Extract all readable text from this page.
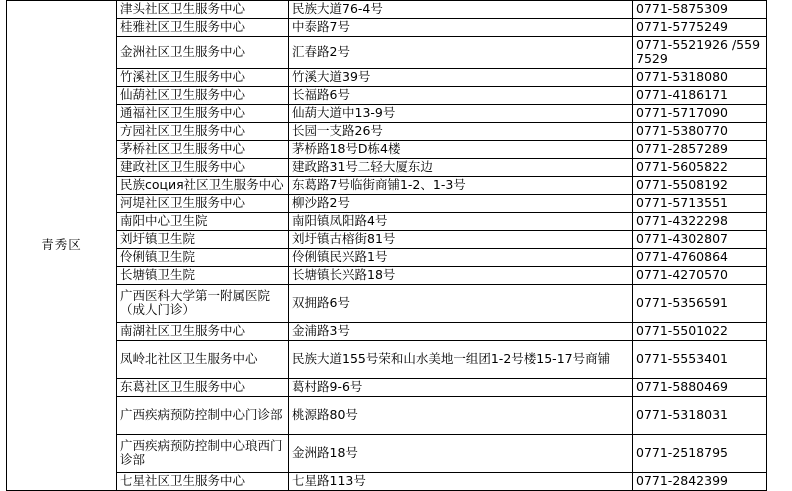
青秀区	津头社区卫生服务中心	民族大道76-4号	0771-5875309
	桂雅社区卫生服务中心	中泰路7号	0771-5775249
	金洲社区卫生服务中心	汇春路2号	0771-5521926 /5597529
	竹溪社区卫生服务中心	竹溪大道39号	0771-5318080
	仙葫社区卫生服务中心	长福路6号	0771-4186171
	通福社区卫生服务中心	仙葫大道中13-9号	0771-5717090
	方园社区卫生服务中心	长园一支路26号	0771-5380770
	茅桥社区卫生服务中心	茅桥路18号D栋4楼	0771-2857289
	建政社区卫生服务中心	建政路31号二轻大厦东边	0771-5605822
	民族соция社区卫生服务中心	东葛路7号临街商铺1-2、1-3号	0771-5508192
	河堤社区卫生服务中心	柳沙路2号	0771-5713551
	南阳中心卫生院	南阳镇凤阳路4号	0771-4322298
	刘圩镇卫生院	刘圩镇古榕街81号	0771-4302807
	伶俐镇卫生院	伶俐镇民兴路1号	0771-4760864
	长塘镇卫生院	长塘镇长兴路18号	0771-4270570
	广西医科大学第一附属医院（成人门诊）	双拥路6号	0771-5356591
	南湖社区卫生服务中心	金浦路3号	0771-5501022
	凤岭北社区卫生服务中心	民族大道155号荣和山水美地一组团1-2号楼15-17号商铺	0771-5553401
	东葛社区卫生服务中心	葛村路9-6号	0771-5880469
	广西疾病预防控制中心门诊部	桃源路80号	0771-5318031
	广西疾病预防控制中心琅西门诊部	金洲路18号	0771-2518795
	七星社区卫生服务中心	七星路113号	0771-2842399
